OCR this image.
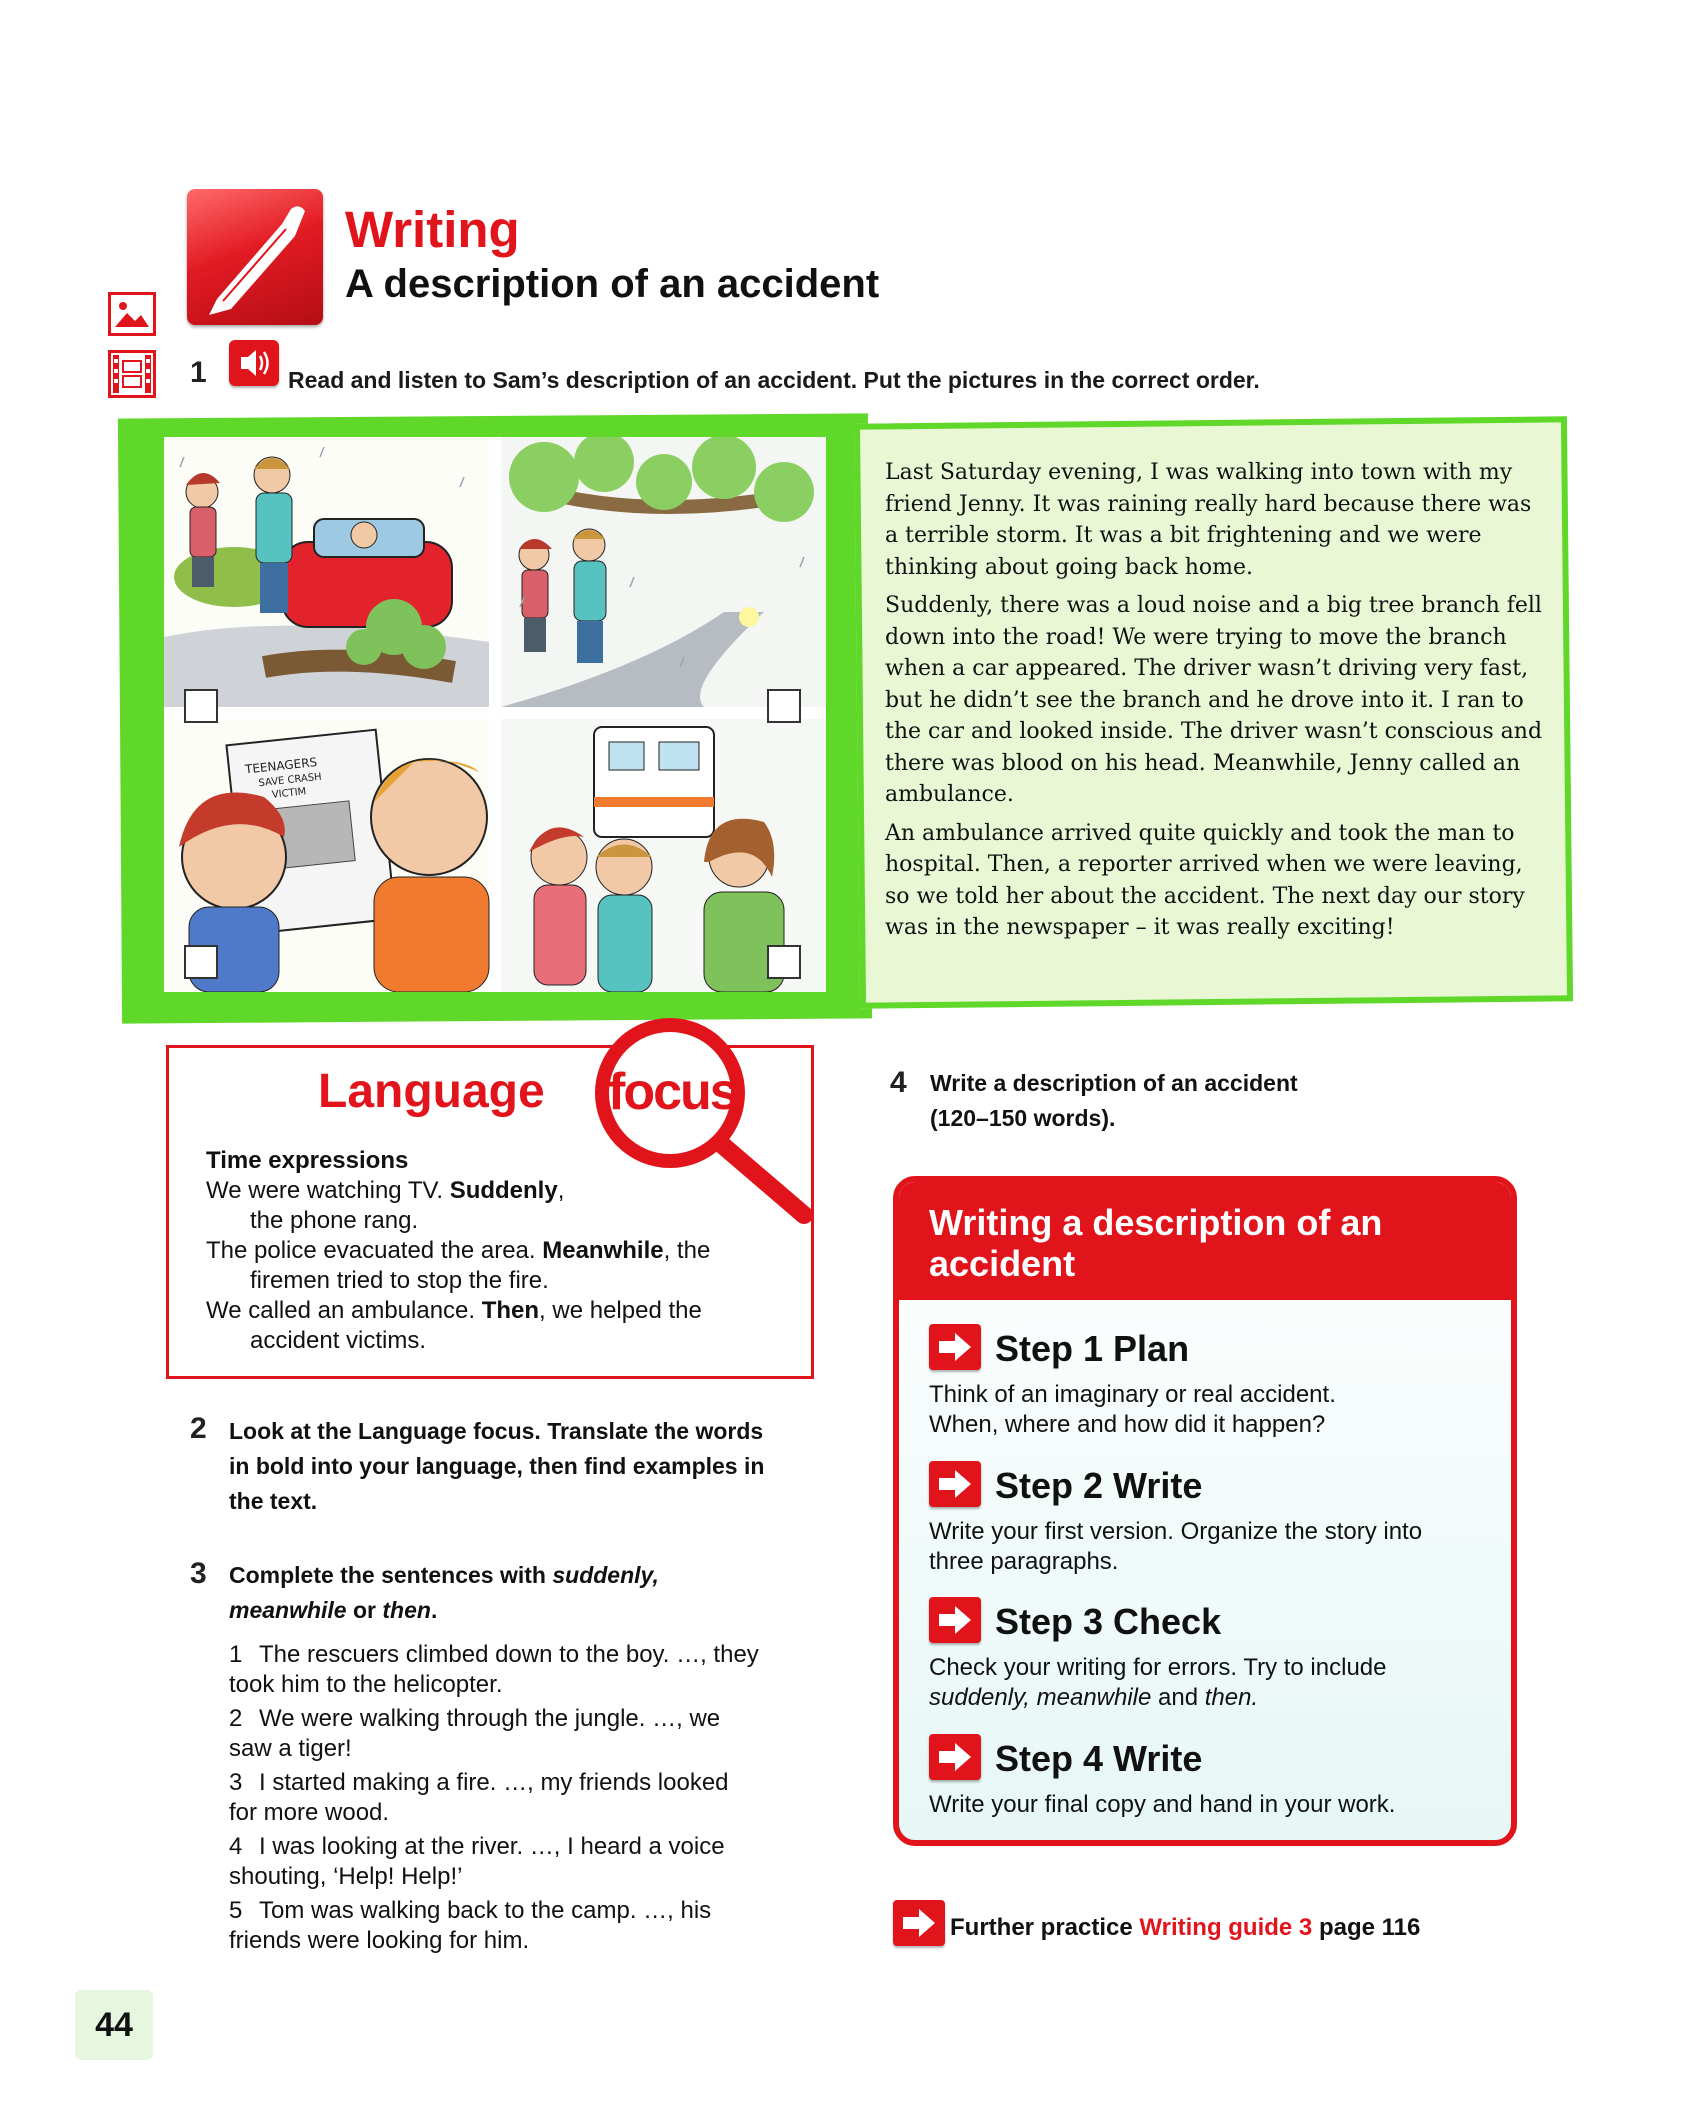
Writing
A description of an accident
1	Read and listen to Sam’s description of an accident. Put the pictures in the correct order.
TEENAGERS
SAVE CRASH
VICTIM

Last Saturday evening, I was walking into town with my friend Jenny. It was raining really hard because there was a terrible storm. It was a bit frightening and we were thinking about going back home.

Suddenly, there was a loud noise and a big tree branch fell down into the road! We were trying to move the branch when a car appeared. The driver wasn’t driving very fast, but he didn’t see the branch and he drove into it. I ran to the car and looked inside. The driver wasn’t conscious and there was blood on his head. Meanwhile, Jenny called an ambulance.

An ambulance arrived quite quickly and took the man to hospital. Then, a reporter arrived when we were leaving, so we told her about the accident. The next day our story was in the newspaper – it was really exciting!

Language focus
Time expressions
We were watching TV. Suddenly,
the phone rang.
The police evacuated the area. Meanwhile, the
firemen tried to stop the fire.
We called an ambulance. Then, we helped the
accident victims.
2 Look at the Language focus. Translate the words
in bold into your language, then find examples in
the text.
3 Complete the sentences with suddenly,
meanwhile or then.
1 The rescuers climbed down to the boy. …, they
took him to the helicopter.
2 We were walking through the jungle. …, we
saw a tiger!
3 I started making a fire. …, my friends looked
for more wood.
4 I was looking at the river. …, I heard a voice
shouting, ‘Help! Help!’
5 Tom was walking back to the camp. …, his
friends were looking for him.
4 Write a description of an accident
(120–150 words).
Writing a description of an accident
Step 1 Plan
Think of an imaginary or real accident.
When, where and how did it happen?
Step 2 Write
Write your first version. Organize the story into
three paragraphs.
Step 3 Check
Check your writing for errors. Try to include
suddenly, meanwhile and then.
Step 4 Write
Write your final copy and hand in your work.
Further practice Writing guide 3 page 116
44
